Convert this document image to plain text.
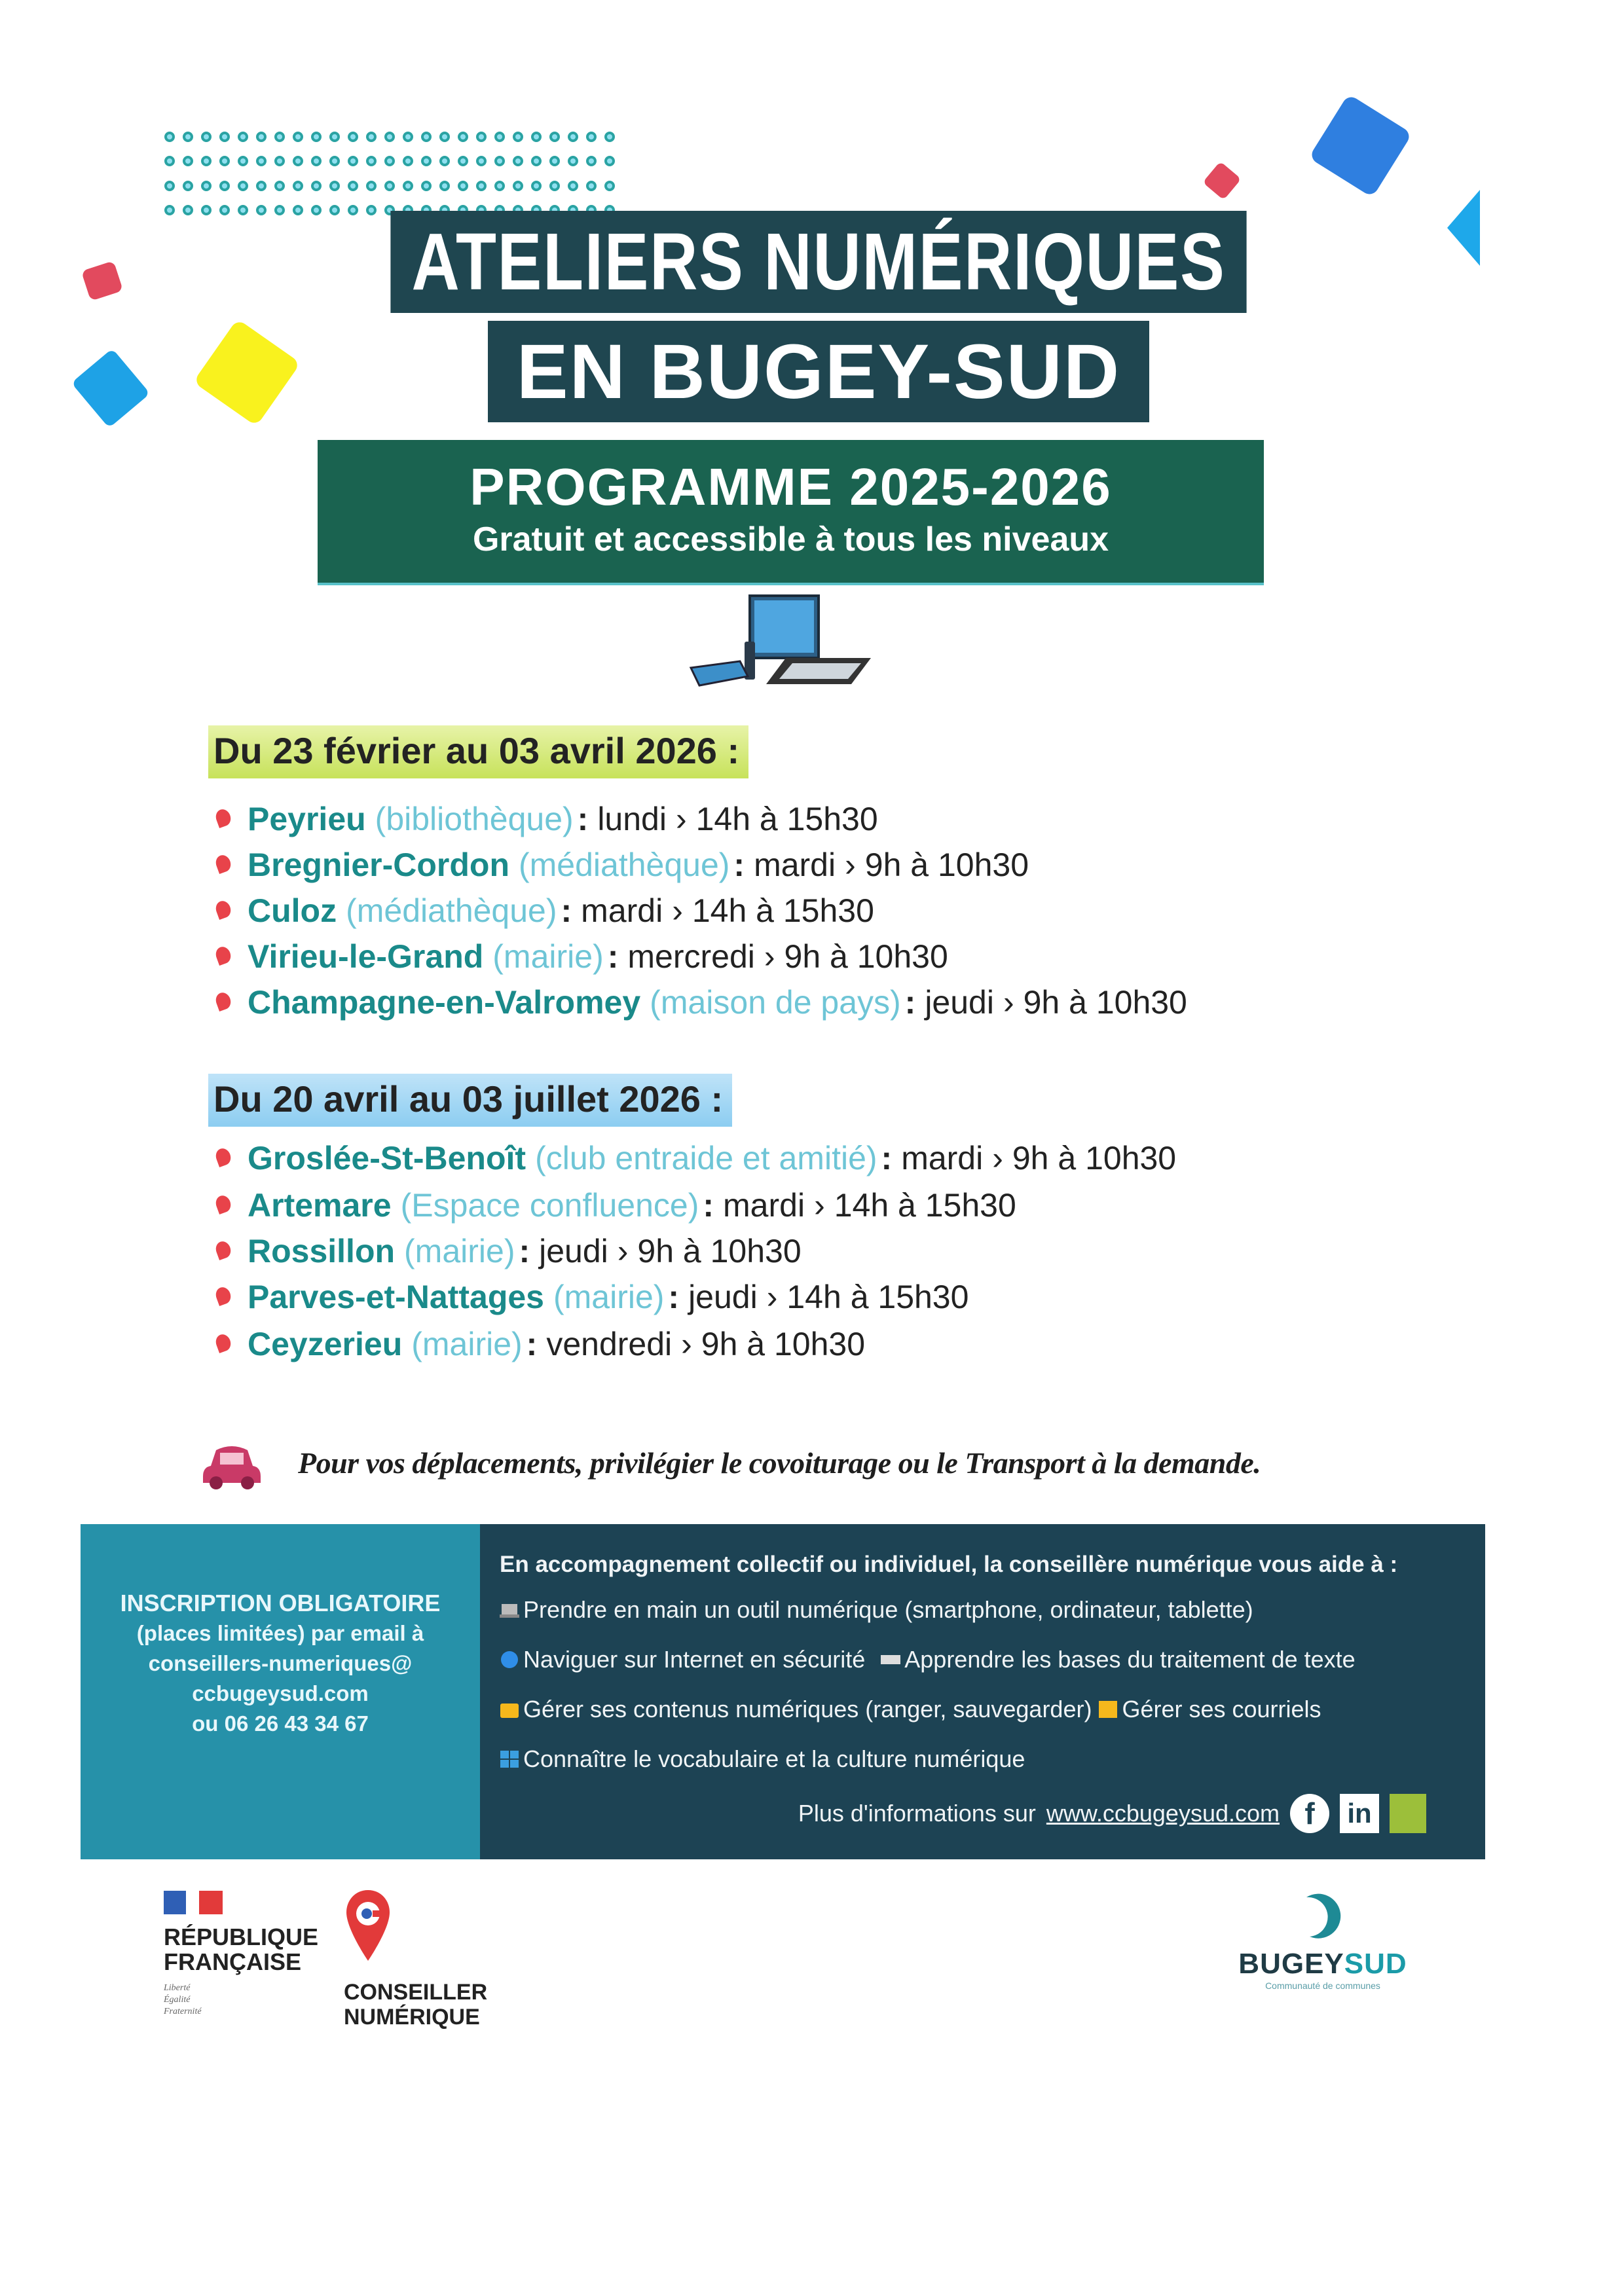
ATELIERS NUMÉRIQUES
EN BUGEY-SUD
PROGRAMME 2025-2026
Gratuit et accessible à tous les niveaux
Du 23 février au 03 avril 2026 :
Peyrieu (bibliothèque) : lundi › 14h à 15h30
Bregnier-Cordon (médiathèque) : mardi › 9h à 10h30
Culoz (médiathèque) : mardi › 14h à 15h30
Virieu-le-Grand (mairie) : mercredi › 9h à 10h30
Champagne-en-Valromey (maison de pays) : jeudi › 9h à 10h30
Du 20 avril au 03 juillet 2026 :
Groslée-St-Benoît (club entraide et amitié) : mardi › 9h à 10h30
Artemare (Espace confluence) : mardi › 14h à 15h30
Rossillon (mairie) : jeudi › 9h à 10h30
Parves-et-Nattages (mairie) : jeudi › 14h à 15h30
Ceyzerieu (mairie) : vendredi › 9h à 10h30
Pour vos déplacements, privilégier le covoiturage ou le Transport à la demande.
INSCRIPTION OBLIGATOIRE
(places limitées) par email à
conseillers-numeriques@
ccbugeysud.com
ou 06 26 43 34 67
En accompagnement collectif ou individuel, la conseillère numérique vous aide à :
Prendre en main un outil numérique (smartphone, ordinateur, tablette)
Naviguer sur Internet en sécurité Apprendre les bases du traitement de texte
Gérer ses contenus numériques (ranger, sauvegarder) Gérer ses courriels
Connaître le vocabulaire et la culture numérique
Plus d'informations sur www.ccbugeysud.com f	in
RÉPUBLIQUE
FRANÇAISE
Liberté
Égalité
Fraternité
CONSEILLER
NUMÉRIQUE
BUGEYSUD
Communauté de communes
